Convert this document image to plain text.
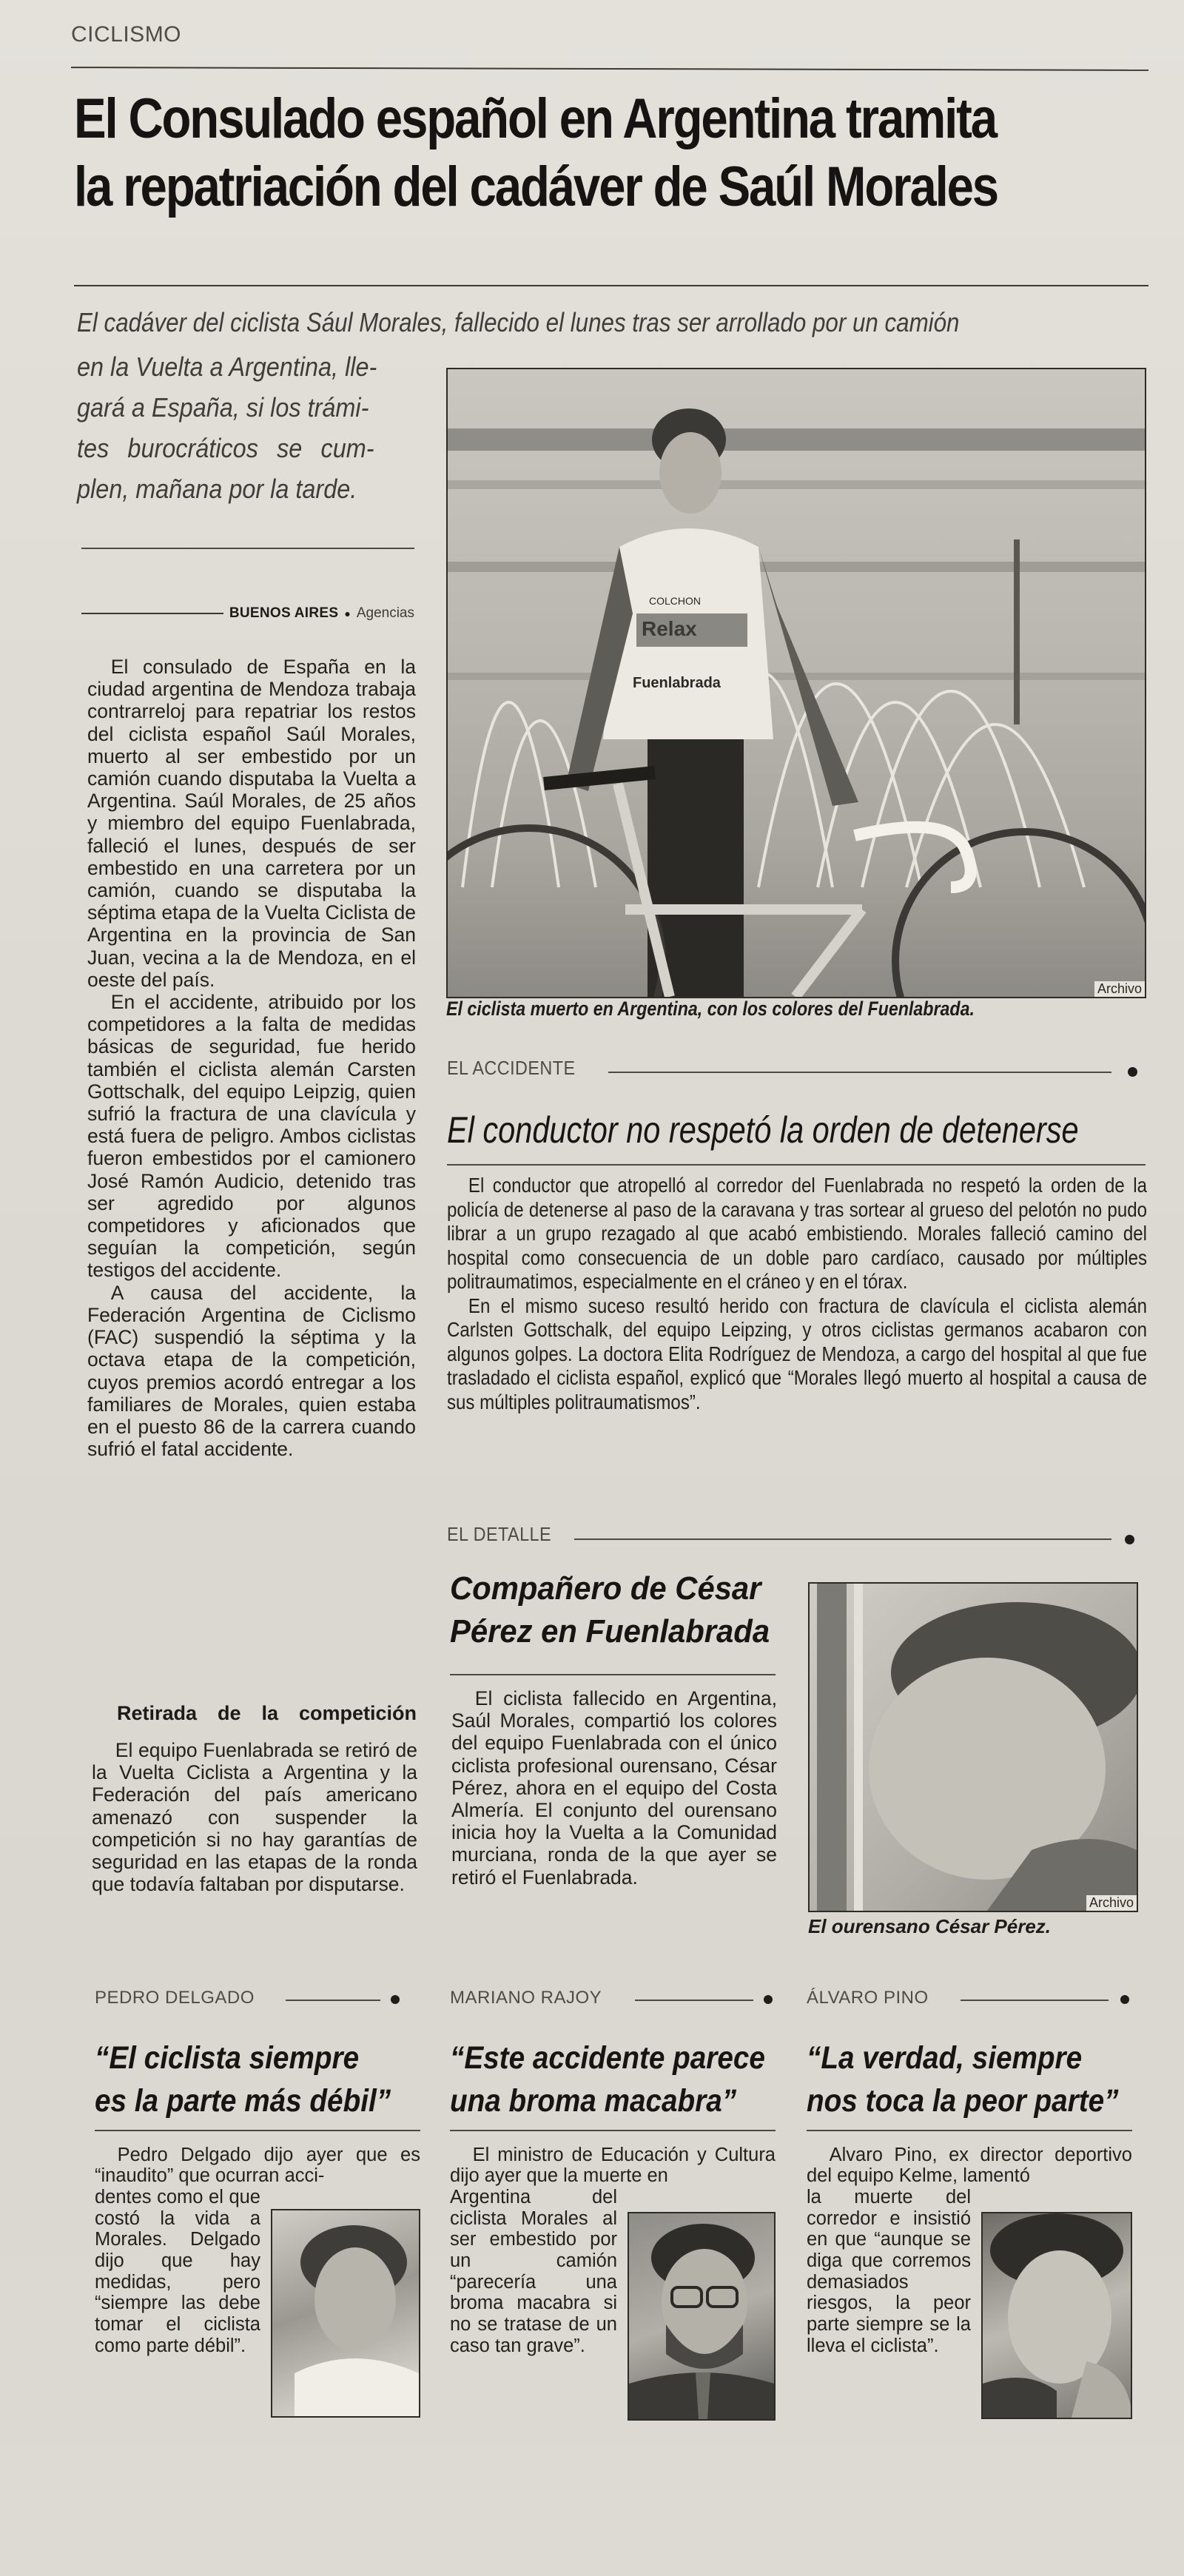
CICLISMO
El Consulado español en Argentina tramita
la repatriación del cadáver de Saúl Morales
El cadáver del ciclista Sául Morales, fallecido el lunes tras ser arrollado por un camión
en la Vuelta a Argentina, lle-
gará a España, si los trámi-
tes burocráticos se cum-
plen, mañana por la tarde.
BUENOS AIRES ● Agencias

El consulado de España en la ciudad argentina de Mendoza trabaja contrarreloj para repatriar los restos del ciclista español Saúl Morales, muerto al ser embestido por un camión cuando disputaba la Vuelta a Argentina. Saúl Morales, de 25 años y miembro del equipo Fuenlabrada, falleció el lunes, después de ser embestido en una carretera por un camión, cuando se disputaba la séptima etapa de la Vuelta Ciclista de Argentina en la provincia de San Juan, vecina a la de Mendoza, en el oeste del país.

En el accidente, atribuido por los competidores a la falta de medidas básicas de seguridad, fue herido también el ciclista alemán Carsten Gottschalk, del equipo Leipzig, quien sufrió la fractura de una clavícula y está fuera de peligro. Ambos ciclistas fueron embestidos por el camionero José Ramón Audicio, detenido tras ser agredido por algunos competidores y aficionados que seguían la competición, según testigos del accidente.

A causa del accidente, la Federación Argentina de Ciclismo (FAC) suspendió la séptima y la octava etapa de la competición, cuyos premios acordó entregar a los familiares de Morales, quien estaba en el puesto 86 de la carrera cuando sufrió el fatal accidente.

Retirada de la competición

El equipo Fuenlabrada se retiró de la Vuelta Ciclista a Argentina y la Federación del país americano amenazó con suspender la competición si no hay garantías de seguridad en las etapas de la ronda que todavía faltaban por disputarse.

Relax
COLCHON
Fuenlabrada
Archivo
El ciclista muerto en Argentina, con los colores del Fuenlabrada.
EL ACCIDENTE
El conductor no respetó la orden de detenerse

El conductor que atropelló al corredor del Fuenlabrada no respetó la orden de la policía de detenerse al paso de la caravana y tras sortear al grueso del pelotón no pudo librar a un grupo rezagado al que acabó embistiendo. Morales falleció camino del hospital como consecuencia de un doble paro cardíaco, causado por múltiples politraumatimos, especialmente en el cráneo y en el tórax.

En el mismo suceso resultó herido con fractura de clavícula el ciclista alemán Carlsten Gottschalk, del equipo Leipzing, y otros ciclistas germanos acabaron con algunos golpes. La doctora Elita Rodríguez de Mendoza, a cargo del hospital al que fue trasladado el ciclista español, explicó que “Morales llegó muerto al hospital a causa de sus múltiples politraumatismos”.

EL DETALLE
Compañero de César
Pérez en Fuenlabrada

El ciclista fallecido en Argentina, Saúl Morales, compartió los colores del equipo Fuenlabrada con el único ciclista profesional ourensano, César Pérez, ahora en el equipo del Costa Almería. El conjunto del ourensano inicia hoy la Vuelta a la Comunidad murciana, ronda de la que ayer se retiró el Fuenlabrada.

Archivo
El ourensano César Pérez.
PEDRO DELGADO
“El ciclista siempre
es la parte más débil”
Pedro Delgado dijo ayer que es “inaudito” que ocurran acci-
dentes como el que costó la vida a Morales. Delgado dijo que hay medidas, pero “siempre las debe tomar el ciclista como parte débil”.
MARIANO RAJOY
“Este accidente parece
una broma macabra”
El ministro de Educación y Cultura dijo ayer que la muerte en
Argentina del ciclista Morales al ser embestido por un camión “parecería una broma macabra si no se tratase de un caso tan grave”.
ÁLVARO PINO
“La verdad, siempre
nos toca la peor parte”
Alvaro Pino, ex director deportivo del equipo Kelme, lamentó
la muerte del corredor e insistió en que “aunque se diga que corremos demasiados riesgos, la peor parte siempre se la lleva el ciclista”.
